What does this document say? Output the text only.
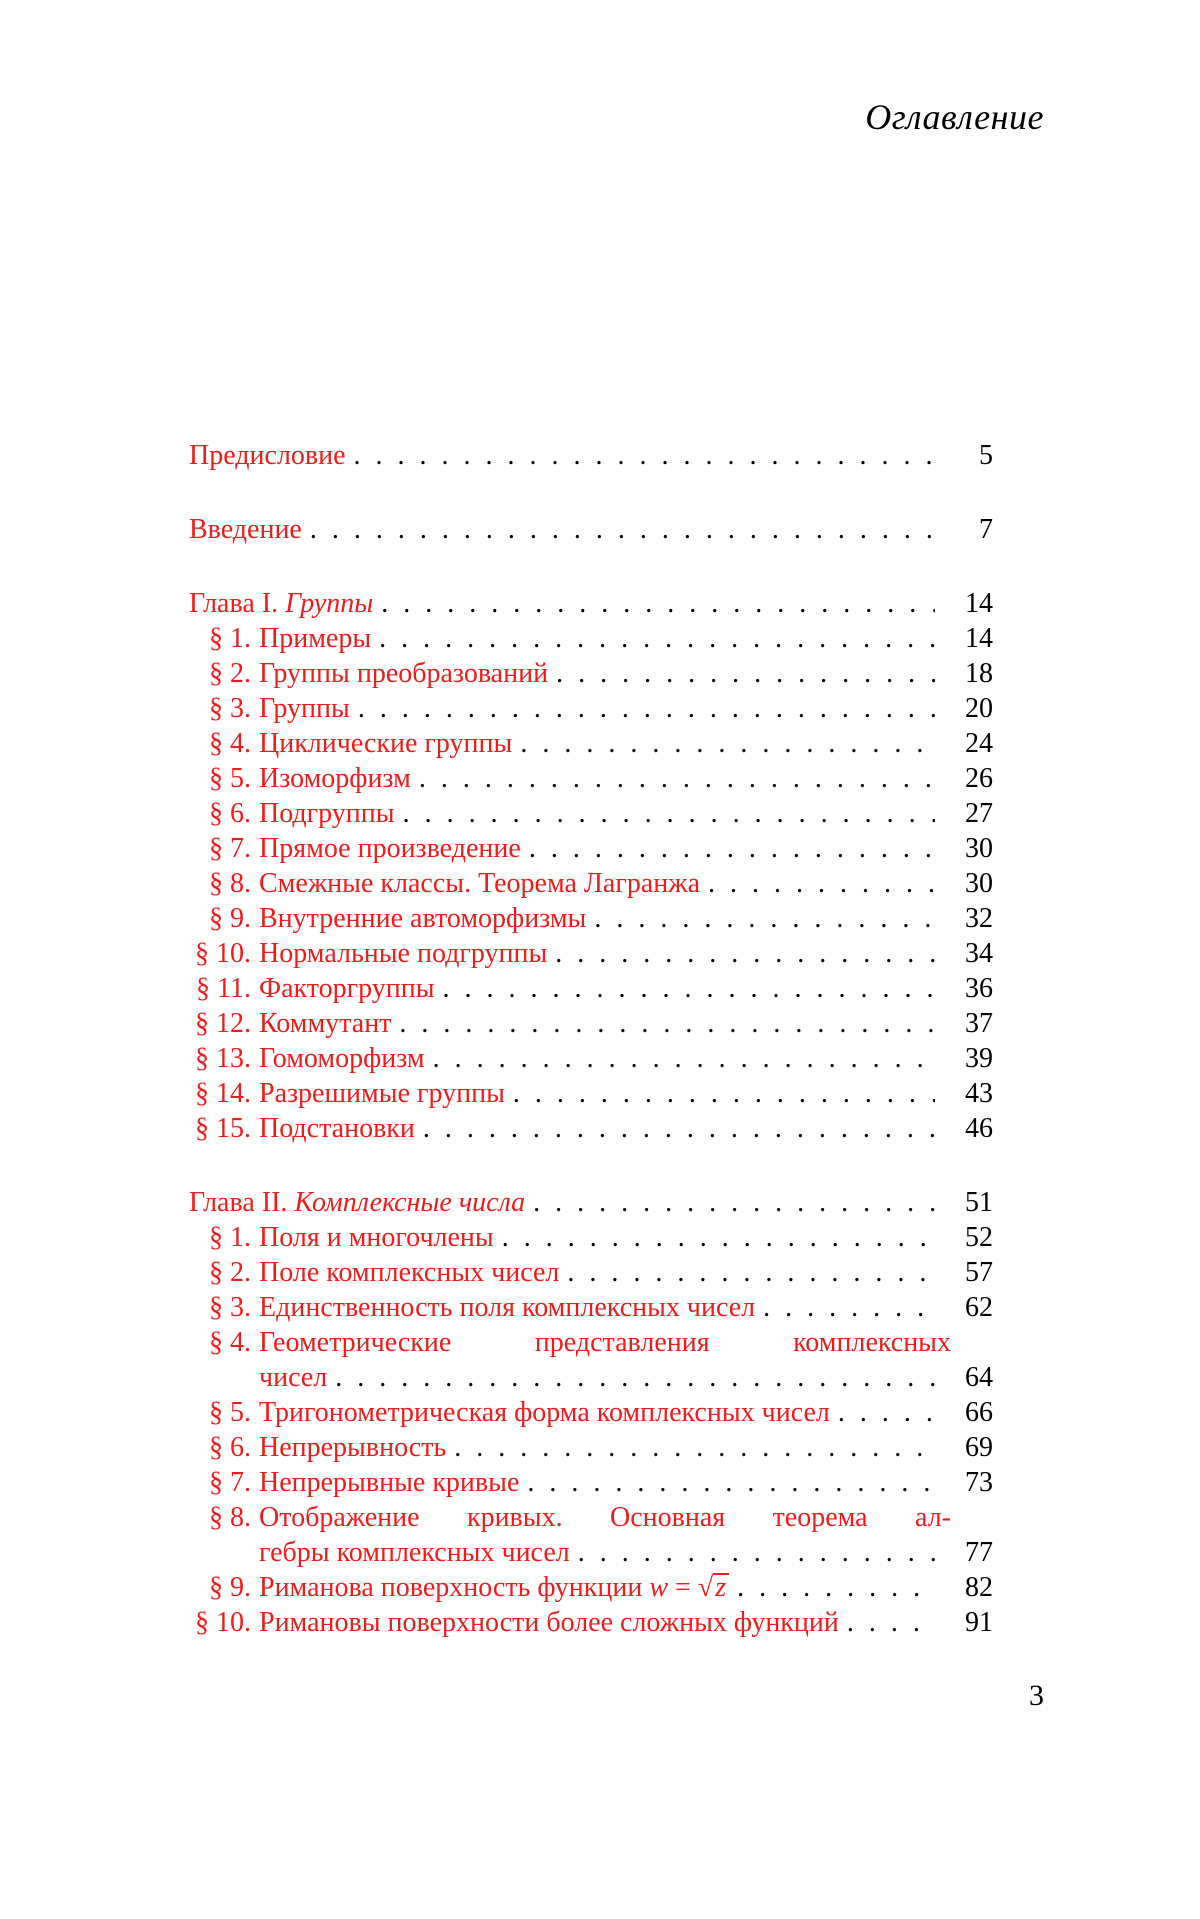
Оглавление
Предисловие
. . .	5
Введение
. . .	7
Глава I. Группы
. . .	14
§ 1. Примеры
. . .	14
§ 2. Группы преобразований
. . .	18
§ 3. Группы
. . .	20
§ 4. Циклические группы
. . .	24
§ 5. Изоморфизм
. . .	26
§ 6. Подгруппы
. . .	27
§ 7. Прямое произведение
. . .	30
§ 8. Смежные классы. Теорема Лагранжа
. . .	30
§ 9. Внутренние автоморфизмы
. . .	32
§ 10. Нормальные подгруппы
. . .	34
§ 11. Факторгруппы
. . .	36
§ 12. Коммутант
. . .	37
§ 13. Гомоморфизм
. . .	39
§ 14. Разрешимые группы
. . .	43
§ 15. Подстановки
. . .	46
Глава II. Комплексные числа
. . .	51
§ 1. Поля и многочлены
. . .	52
§ 2. Поле комплексных чисел
. . .	57
§ 3. Единственность поля комплексных чисел
. . .	62
§ 4. Геометрические представления комплексных
чисел
. . .	64
§ 5. Тригонометрическая форма комплексных чисел
. . .	66
§ 6. Непрерывность
. . .	69
§ 7. Непрерывные кривые
. . .	73
§ 8. Отображение кривых. Основная теорема ал-
гебры комплексных чисел
. . .	77
§ 9. Риманова поверхность функции w = √z
. . .	82
§ 10. Римановы поверхности более сложных функций
. . .	91
3
